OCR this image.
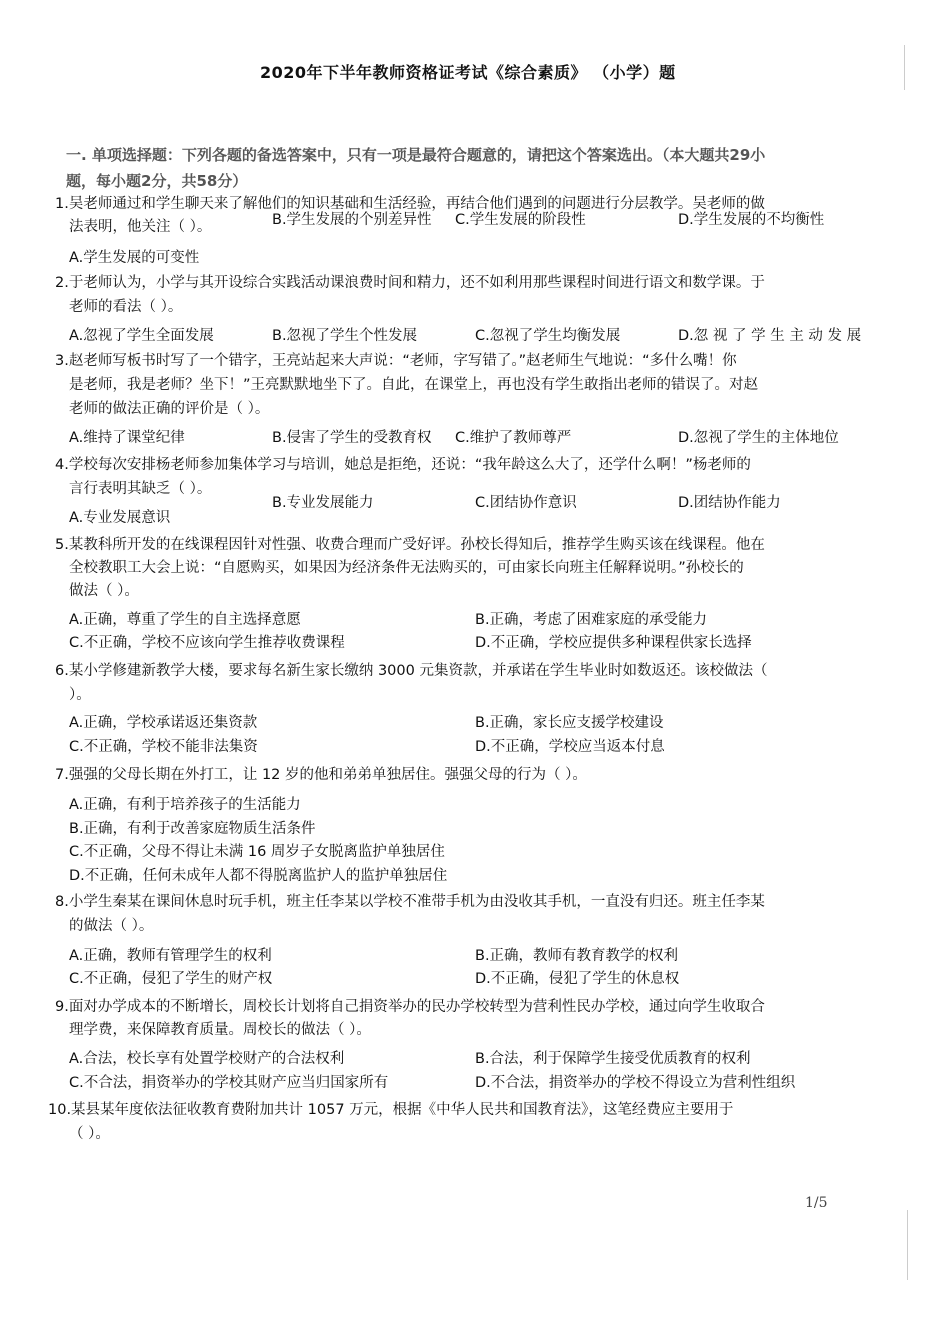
2020年下半年教师资格证考试《综合素质》 （小学）题
一. 单项选择题：下列各题的备选答案中，只有一项是最符合题意的，请把这个答案选出。（本大题共29小
题，每小题2分，共58分）
1.吴老师通过和学生聊天来了解他们的知识基础和生活经验，再结合他们遇到的问题进行分层教学。吴老师的做
法表明，他关注（ ）。	B.学生发展的个别差异性 C.学生发展的阶段性	D.学生发展的不均衡性
A.学生发展的可变性
2.于老师认为，小学与其开设综合实践活动课浪费时间和精力，还不如利用那些课程时间进行语文和数学课。于
老师的看法（ ）。
A.忽视了学生全面发展	B.忽视了学生个性发展	C.忽视了学生均衡发展	D.忽 视 了 学 生 主 动 发 展
3.赵老师写板书时写了一个错字，王亮站起来大声说：“老师，字写错了。”赵老师生气地说：“多什么嘴！你
是老师，我是老师？坐下！”王亮默默地坐下了。自此，在课堂上，再也没有学生敢指出老师的错误了。对赵
老师的做法正确的评价是（ ）。
A.维持了课堂纪律	B.侵害了学生的受教育权 C.维护了教师尊严	D.忽视了学生的主体地位
4.学校每次安排杨老师参加集体学习与培训，她总是拒绝，还说：“我年龄这么大了，还学什么啊！”杨老师的
言行表明其缺乏（ ）。
B.专业发展能力	C.团结协作意识	D.团结协作能力
A.专业发展意识
5.某教科所开发的在线课程因针对性强、收费合理而广受好评。孙校长得知后，推荐学生购买该在线课程。他在
全校教职工大会上说：“自愿购买，如果因为经济条件无法购买的，可由家长向班主任解释说明。”孙校长的
做法（ ）。
A.正确，尊重了学生的自主选择意愿	B.正确，考虑了困难家庭的承受能力
C.不正确，学校不应该向学生推荐收费课程	D.不正确，学校应提供多种课程供家长选择
6.某小学修建新教学大楼，要求每名新生家长缴纳 3000 元集资款，并承诺在学生毕业时如数返还。该校做法（
）。
A.正确，学校承诺返还集资款	B.正确，家长应支援学校建设
C.不正确，学校不能非法集资	D.不正确，学校应当返本付息
7.强强的父母长期在外打工，让 12 岁的他和弟弟单独居住。强强父母的行为（ ）。
A.正确，有利于培养孩子的生活能力
B.正确，有利于改善家庭物质生活条件
C.不正确，父母不得让未满 16 周岁子女脱离监护单独居住
D.不正确，任何未成年人都不得脱离监护人的监护单独居住
8.小学生秦某在课间休息时玩手机，班主任李某以学校不准带手机为由没收其手机，一直没有归还。班主任李某
的做法（ ）。
A.正确，教师有管理学生的权利	B.正确，教师有教育教学的权利
C.不正确，侵犯了学生的财产权	D.不正确，侵犯了学生的休息权
9.面对办学成本的不断增长，周校长计划将自己捐资举办的民办学校转型为营利性民办学校，通过向学生收取合
理学费，来保障教育质量。周校长的做法（ ）。
A.合法，校长享有处置学校财产的合法权利	B.合法，利于保障学生接受优质教育的权利
C.不合法，捐资举办的学校其财产应当归国家所有	D.不合法，捐资举办的学校不得设立为营利性组织
10.某县某年度依法征收教育费附加共计 1057 万元，根据《中华人民共和国教育法》，这笔经费应主要用于
（ ）。
1/5
